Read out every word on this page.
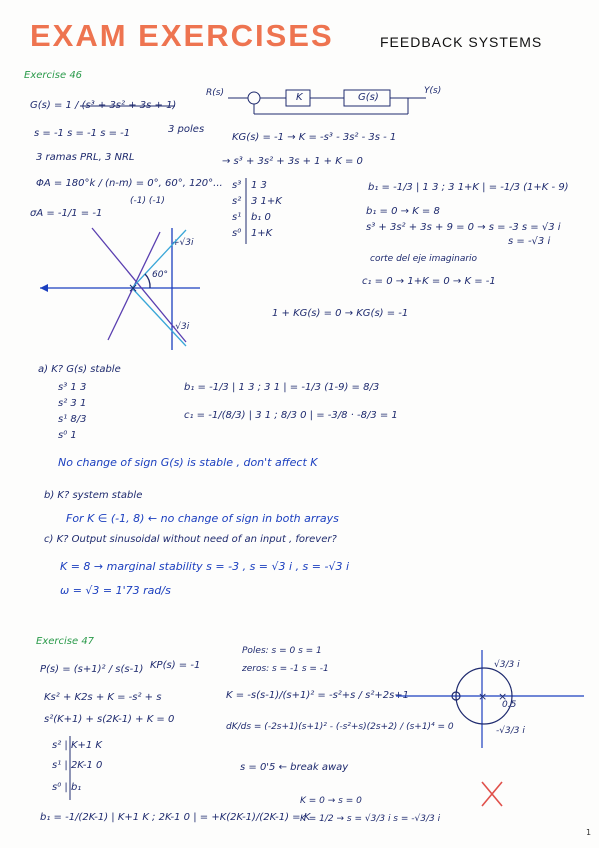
EXAM EXERCISES	FEEDBACK SYSTEMS
Exercise 46
G(s) = 1 / (s³ + 3s² + 3s + 1)
R(s)	K	G(s)
Y(s)
s = -1 s = -1 s = -1	3 poles
3 ramas PRL, 3 NRL
ΦA = 180°k / (n-m) = 0°, 60°, 120°...
(-1) (-1)
σA = -1/1 = -1
KG(s) = -1 → K = -s³ - 3s² - 3s - 1
→ s³ + 3s² + 3s + 1 + K = 0
s³ | 1 3
s² | 3 1+K
s¹ | b₁ 0
s⁰ | 1+K
b₁ = -1/3 | 1 3 ; 3 1+K | = -1/3 (1+K - 9)
b₁ = 0 → K = 8
s³ + 3s² + 3s + 9 = 0 → s = -3 s = √3 i
s = -√3 i
corte del eje imaginario
c₁ = 0 → 1+K = 0 → K = -1
1 + KG(s) = 0 → KG(s) = -1
+√3i
60°
-√3i
a) K? G(s) stable
s³ 1 3
s² 3 1
s¹ 8/3
s⁰ 1
b₁ = -1/3 | 1 3 ; 3 1 | = -1/3 (1-9) = 8/3
c₁ = -1/(8/3) | 3 1 ; 8/3 0 | = -3/8 · -8/3 = 1
No change of sign G(s) is stable , don't affect K
b) K? system stable
For K ∈ (-1, 8) ← no change of sign in both arrays
c) K? Output sinusoidal without need of an input , forever?
K = 8 → marginal stability s = -3 , s = √3 i , s = -√3 i
ω = √3 = 1'73 rad/s
Exercise 47
P(s) = (s+1)² / s(s-1) KP(s) = -1
Poles: s = 0 s = 1
zeros: s = -1 s = -1
Ks² + K2s + K = -s² + s
s²(K+1) + s(2K-1) + K = 0
K = -s(s-1)/(s+1)² = -s²+s / s²+2s+1
dK/ds = (-2s+1)(s+1)² - (-s²+s)(2s+2) / (s+1)⁴ = 0
s = 0'5 ← break away
s² | K+1 K
s¹ | 2K-1 0
s⁰ | b₁
b₁ = -1/(2K-1) | K+1 K ; 2K-1 0 | = +K(2K-1)/(2K-1) = K
K = 0 → s = 0
K = 1/2 → s = √3/3 i s = -√3/3 i
√3/3 i
0.5
-√3/3 i
1
×
× ×
